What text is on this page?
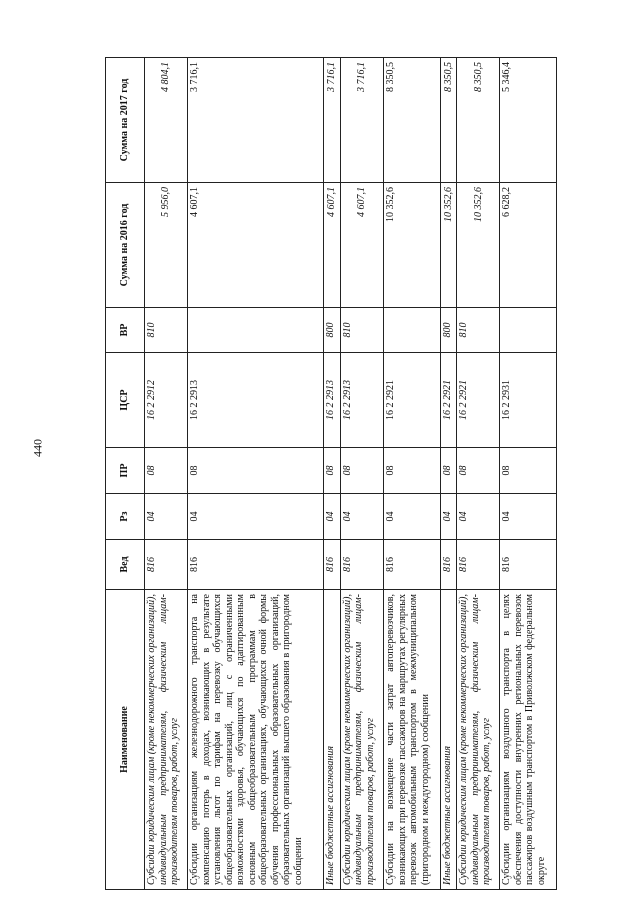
440
Наименование	Вед	Рз	ПР	ЦСР	ВР	Сумма на 2016 год	Сумма на 2017 год
Субсидии юридическим лицам (кроме некоммерческих организаций), индивидуальным предпринимателям, физическим лицам-производителям товаров, работ, услуг	816	04	08	16 2 2912	810	5 956,0	4 804,1
Субсидии организациям железнодорожного транспорта на компенсацию потерь в доходах, возникающих в результате установления льгот по тарифам на перевозку обучающихся общеобразовательных организаций, лиц с ограниченными возможностями здоровья, обучающихся по адаптированным основным общеобразовательным программам в общеобразовательных организациях, обучающихся очной формы обучения профессиональных образовательных организаций, образовательных организаций высшего образования в пригородном сообщении	816	04	08	16 2 2913		4 607,1	3 716,1
Иные бюджетные ассигнования	816	04	08	16 2 2913	800	4 607,1	3 716,1
Субсидии юридическим лицам (кроме некоммерческих организаций), индивидуальным предпринимателям, физическим лицам-производителям товаров, работ, услуг	816	04	08	16 2 2913	810	4 607,1	3 716,1
Субсидии на возмещение части затрат автоперевозчиков, возникающих при перевозке пассажиров на маршрутах регулярных перевозок автомобильным транспортом в межмуниципальном (пригородном и междугородном) сообщении	816	04	08	16 2 2921		10 352,6	8 350,5
Иные бюджетные ассигнования	816	04	08	16 2 2921	800	10 352,6	8 350,5
Субсидии юридическим лицам (кроме некоммерческих организаций), индивидуальным предпринимателям, физическим лицам-производителям товаров, работ, услуг	816	04	08	16 2 2921	810	10 352,6	8 350,5
Субсидии организациям воздушного транспорта в целях обеспечения доступности внутренних региональных перевозок пассажиров воздушным транспортом в Приволжском федеральном округе	816	04	08	16 2 2931		6 628,2	5 346,4
